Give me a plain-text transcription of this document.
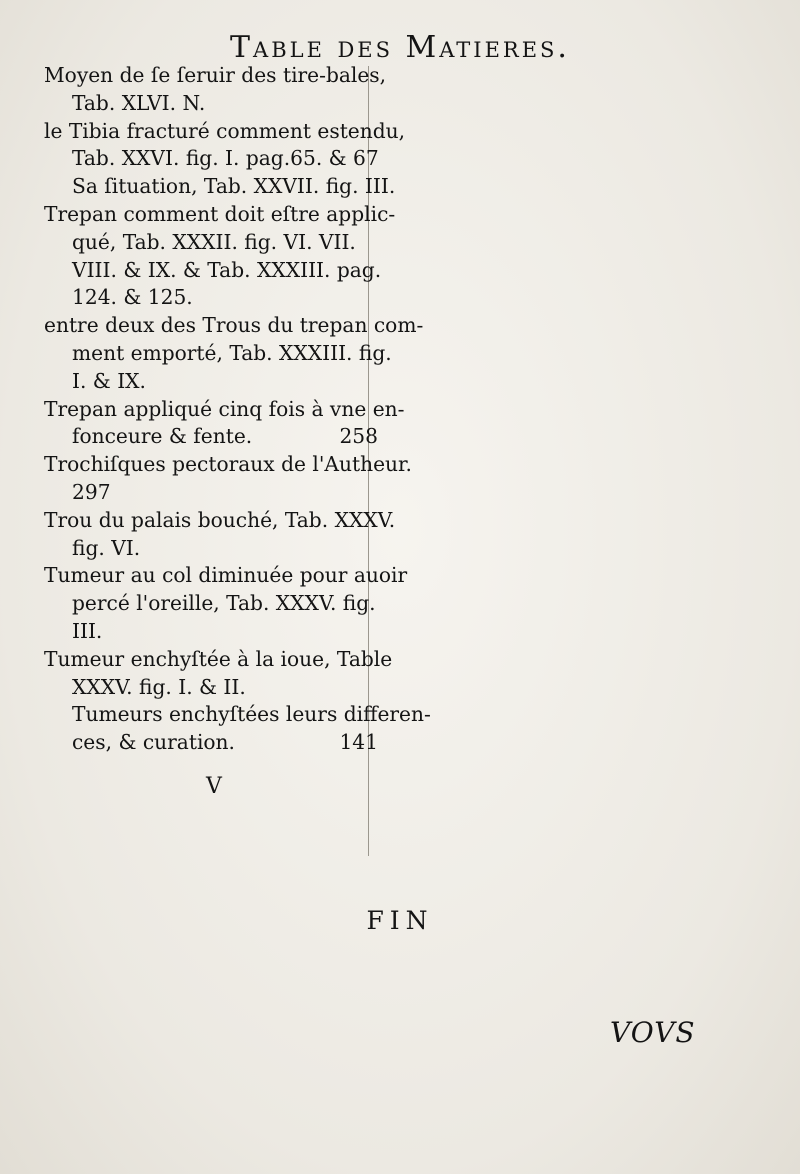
Table des Matieres.
Moyen de ſe ſeruir des tire-bales,
Tab. XLVI. N.
le Tibia fracturé comment estendu,
Tab. XXVI. fig. I. pag.65. & 67
Sa ſituation, Tab. XXVII. fig. III.
Trepan comment doit eſtre applic-
qué, Tab. XXXII. fig. VI. VII.
VIII. & IX. & Tab. XXXIII. pag.
124. & 125.
entre deux des Trous du trepan com-
ment emporté, Tab. XXXIII. fig.
I. & IX.
Trepan appliqué cinq fois à vne en-
fonceure & fente.	258
Trochiſques pectoraux de l'Autheur.
297
Trou du palais bouché, Tab. XXXV.
fig. VI.
Tumeur au col diminuée pour auoir
percé l'oreille, Tab. XXXV. fig.
III.
Tumeur enchyſtée à la ioue, Table
XXXV. fig. I. & II.
Tumeurs enchyſtées leurs differen-
ces, & curation.	141
V
FIN
VOVS
